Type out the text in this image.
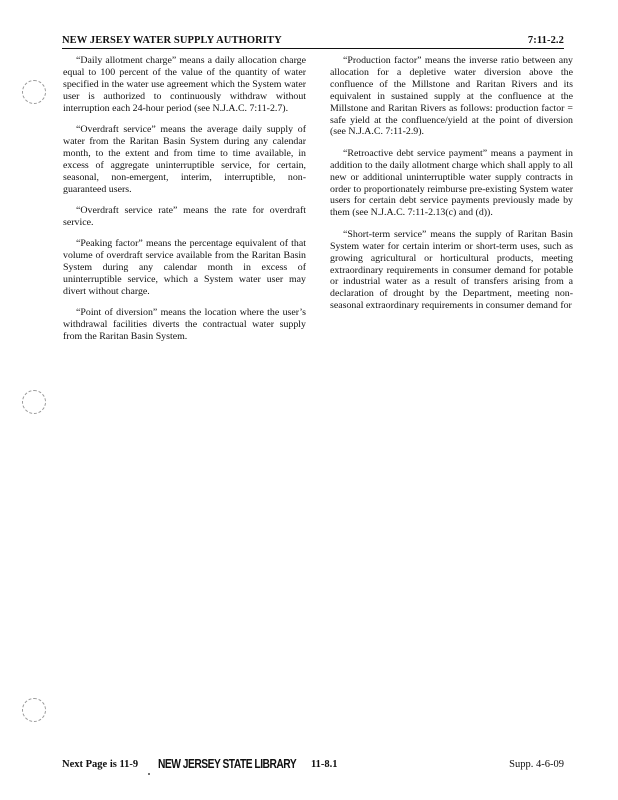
NEW JERSEY WATER SUPPLY AUTHORITY	7:11-2.2

“Daily allotment charge” means a daily allocation charge equal to 100 percent of the value of the quantity of water specified in the water use agreement which the System water user is authorized to continuously withdraw without interruption each 24-hour period (see N.J.A.C. 7:11-2.7).

“Overdraft service” means the average daily supply of water from the Raritan Basin System during any calendar month, to the extent and from time to time available, in excess of aggregate uninterruptible service, for certain, seasonal, non-emergent, interim, interruptible, non-guaranteed users.

“Overdraft service rate” means the rate for overdraft service.

“Peaking factor” means the percentage equivalent of that volume of overdraft service available from the Raritan Basin System during any calendar month in excess of uninterruptible service, which a System water user may divert without charge.

“Point of diversion” means the location where the user’s withdrawal facilities diverts the contractual water supply from the Raritan Basin System.

“Production factor” means the inverse ratio between any allocation for a depletive water diversion above the confluence of the Millstone and Raritan Rivers and its equivalent in sustained supply at the confluence at the Millstone and Raritan Rivers as follows: production factor = safe yield at the confluence/yield at the point of diversion (see N.J.A.C. 7:11-2.9).

“Retroactive debt service payment” means a payment in addition to the daily allotment charge which shall apply to all new or additional uninterruptible water supply contracts in order to proportionately reimburse pre-existing System water users for certain debt service payments previously made by them (see N.J.A.C. 7:11-2.13(c) and (d)).

“Short-term service” means the supply of Raritan Basin System water for certain interim or short-term uses, such as growing agricultural or horticultural products, meeting extraordinary requirements in consumer demand for potable or industrial water as a result of transfers arising from a declaration of drought by the Department, meeting non-seasonal extraordinary requirements in consumer demand for

Next Page is 11-9 NEW JERSEY STATE LIBRARY 11-8.1	Supp. 4-6-09
